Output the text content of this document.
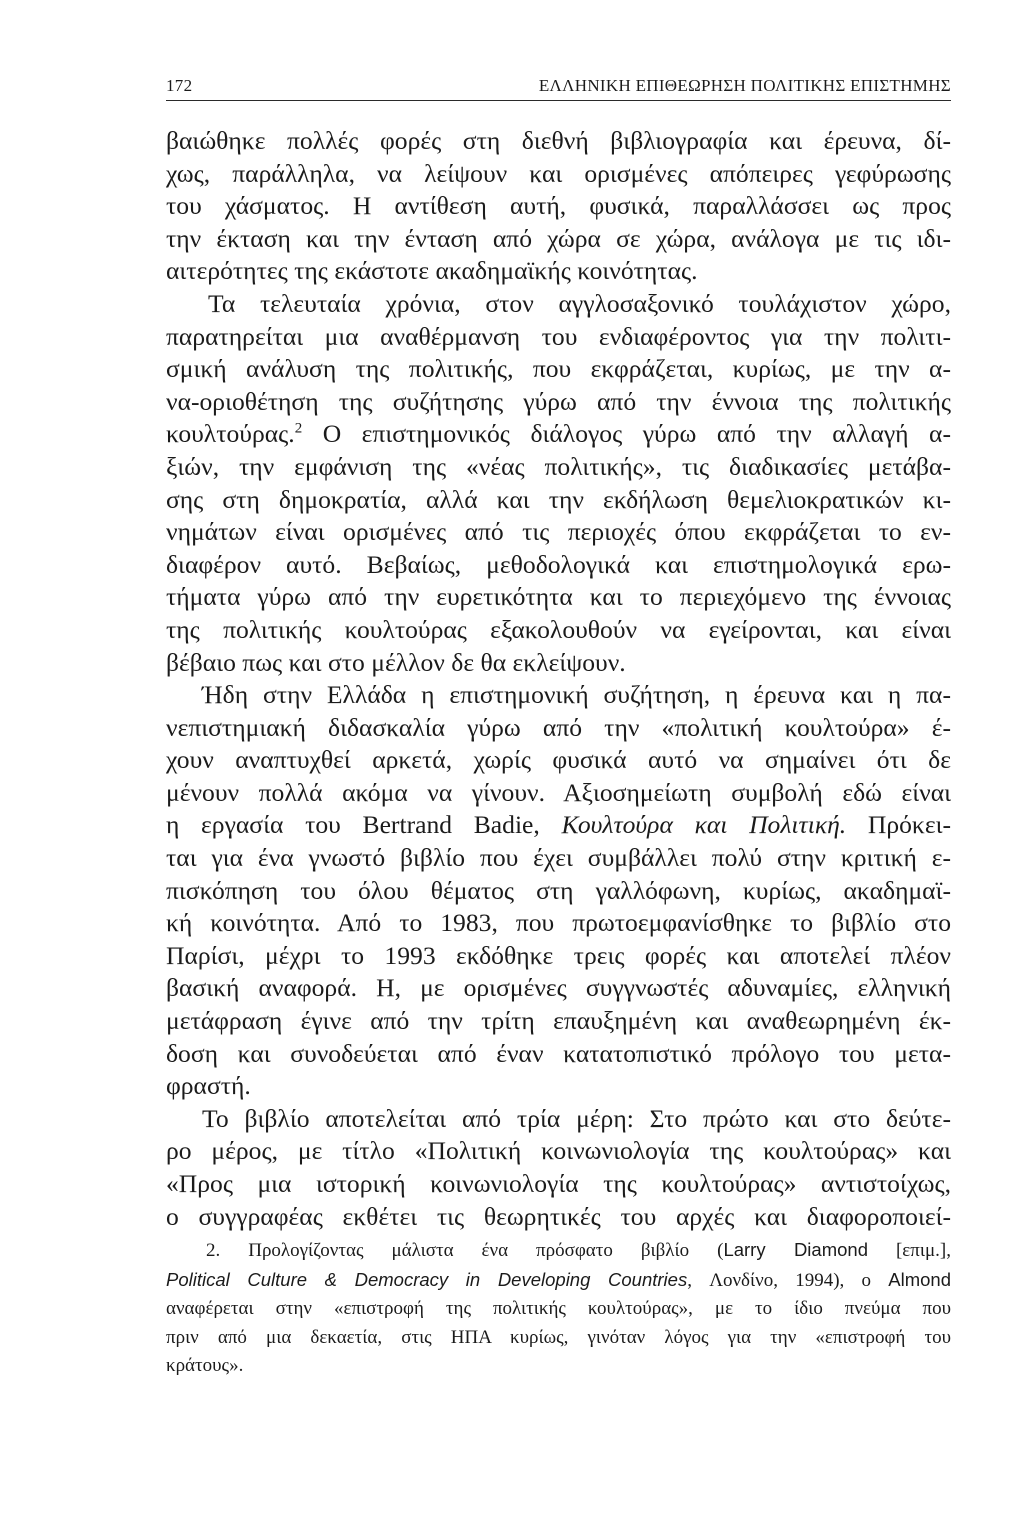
172	ΕΛΛΗΝΙΚΗ ΕΠΙΘΕΩΡΗΣΗ ΠΟΛΙΤΙΚΗΣ ΕΠΙΣΤΗΜΗΣ
βαιώθηκε πολλές φορές στη διεθνή βιβλιογραφία και έρευνα, δί-
χως, παράλληλα, να λείψουν και ορισμένες απόπειρες γεφύρωσης
του χάσματος. Η αντίθεση αυτή, φυσικά, παραλλάσσει ως προς
την έκταση και την ένταση από χώρα σε χώρα, ανάλογα με τις ιδι-
αιτερότητες της εκάστοτε ακαδημαϊκής κοινότητας.
Τα τελευταία χρόνια, στον αγγλοσαξονικό τουλάχιστον χώρο,
παρατηρείται μια αναθέρμανση του ενδιαφέροντος για την πολιτι-
σμική ανάλυση της πολιτικής, που εκφράζεται, κυρίως, με την α-
να-οριοθέτηση της συζήτησης γύρω από την έννοια της πολιτικής
κουλτούρας.$^2$ Ο επιστημονικός διάλογος γύρω από την αλλαγή α-
ξιών, την εμφάνιση της «νέας πολιτικής», τις διαδικασίες μετάβα-
σης στη δημοκρατία, αλλά και την εκδήλωση θεμελιοκρατικών κι-
νημάτων είναι ορισμένες από τις περιοχές όπου εκφράζεται το εν-
διαφέρον αυτό. Βεβαίως, μεθοδολογικά και επιστημολογικά ερω-
τήματα γύρω από την ευρετικότητα και το περιεχόμενο της έννοιας
της πολιτικής κουλτούρας εξακολουθούν να εγείρονται, και είναι
βέβαιο πως και στο μέλλον δε θα εκλείψουν.
Ήδη στην Ελλάδα η επιστημονική συζήτηση, η έρευνα και η πα-
νεπιστημιακή διδασκαλία γύρω από την «πολιτική κουλτούρα» έ-
χουν αναπτυχθεί αρκετά, χωρίς φυσικά αυτό να σημαίνει ότι δε
μένουν πολλά ακόμα να γίνουν. Αξιοσημείωτη συμβολή εδώ είναι
η εργασία του Bertrand Badie, Κουλτούρα και Πολιτική. Πρόκει-
ται για ένα γνωστό βιβλίο που έχει συμβάλλει πολύ στην κριτική ε-
πισκόπηση του όλου θέματος στη γαλλόφωνη, κυρίως, ακαδημαϊ-
κή κοινότητα. Από το 1983, που πρωτοεμφανίσθηκε το βιβλίο στο
Παρίσι, μέχρι το 1993 εκδόθηκε τρεις φορές και αποτελεί πλέον
βασική αναφορά. Η, με ορισμένες συγγνωστές αδυναμίες, ελληνική
μετάφραση έγινε από την τρίτη επαυξημένη και αναθεωρημένη έκ-
δοση και συνοδεύεται από έναν κατατοπιστικό πρόλογο του μετα-
φραστή.
Το βιβλίο αποτελείται από τρία μέρη: Στο πρώτο και στο δεύτε-
ρο μέρος, με τίτλο «Πολιτική κοινωνιολογία της κουλτούρας» και
«Προς μια ιστορική κοινωνιολογία της κουλτούρας» αντιστοίχως,
ο συγγραφέας εκθέτει τις θεωρητικές του αρχές και διαφοροποιεί-
2. Προλογίζοντας μάλιστα ένα πρόσφατο βιβλίο (Larry Diamond [επιμ.],
Political Culture & Democracy in Developing Countries, Λονδίνο, 1994), ο Almond
αναφέρεται στην «επιστροφή της πολιτικής κουλτούρας», με το ίδιο πνεύμα που
πριν από μια δεκαετία, στις ΗΠΑ κυρίως, γινόταν λόγος για την «επιστροφή του
κράτους».
